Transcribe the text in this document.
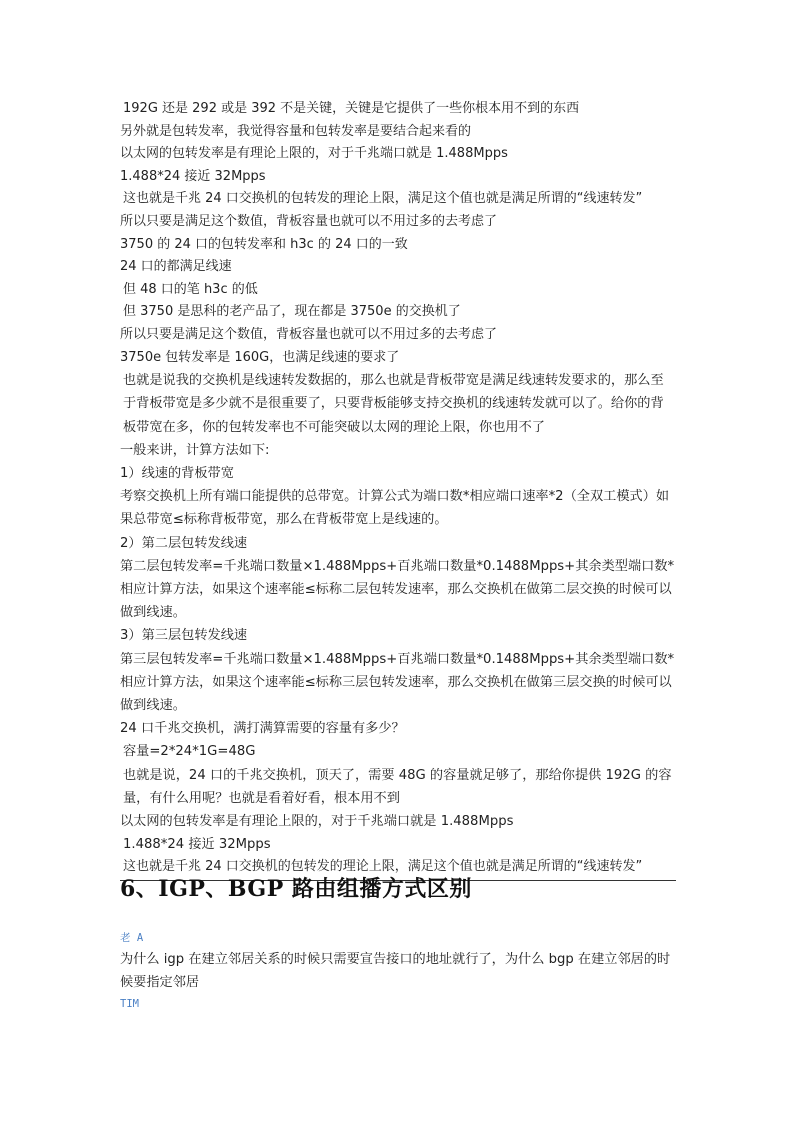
192G 还是 292 或是 392 不是关键，关键是它提供了一些你根本用不到的东西

另外就是包转发率，我觉得容量和包转发率是要结合起来看的

以太网的包转发率是有理论上限的，对于千兆端口就是 1.488Mpps

1.488*24 接近 32Mpps

这也就是千兆 24 口交换机的包转发的理论上限，满足这个值也就是满足所谓的“线速转发”

所以只要是满足这个数值，背板容量也就可以不用过多的去考虑了

3750 的 24 口的包转发率和 h3c 的 24 口的一致

24 口的都满足线速

但 48 口的笔 h3c 的低

但 3750 是思科的老产品了，现在都是 3750e 的交换机了

所以只要是满足这个数值，背板容量也就可以不用过多的去考虑了

3750e 包转发率是 160G，也满足线速的要求了

也就是说我的交换机是线速转发数据的，那么也就是背板带宽是满足线速转发要求的，那么至于背板带宽是多少就不是很重要了，只要背板能够支持交换机的线速转发就可以了。给你的背板带宽在多，你的包转发率也不可能突破以太网的理论上限，你也用不了

一般来讲，计算方法如下:

1）线速的背板带宽

考察交换机上所有端口能提供的总带宽。计算公式为端口数*相应端口速率*2（全双工模式）如果总带宽≤标称背板带宽，那么在背板带宽上是线速的。

2）第二层包转发线速

第二层包转发率=千兆端口数量×1.488Mpps+百兆端口数量*0.1488Mpps+其余类型端口数*相应计算方法，如果这个速率能≤标称二层包转发速率，那么交换机在做第二层交换的时候可以做到线速。

3）第三层包转发线速

第三层包转发率=千兆端口数量×1.488Mpps+百兆端口数量*0.1488Mpps+其余类型端口数*相应计算方法，如果这个速率能≤标称三层包转发速率，那么交换机在做第三层交换的时候可以做到线速。

24 口千兆交换机，满打满算需要的容量有多少？

容量=2*24*1G=48G

也就是说，24 口的千兆交换机，顶天了，需要 48G 的容量就足够了，那给你提供 192G 的容量，有什么用呢？也就是看着好看，根本用不到

以太网的包转发率是有理论上限的，对于千兆端口就是 1.488Mpps

1.488*24 接近 32Mpps

这也就是千兆 24 口交换机的包转发的理论上限，满足这个值也就是满足所谓的“线速转发”

6、IGP、BGP 路由组播方式区别
老 A
为什么 igp 在建立邻居关系的时候只需要宣告接口的地址就行了，为什么 bgp 在建立邻居的时候要指定邻居
TIM
